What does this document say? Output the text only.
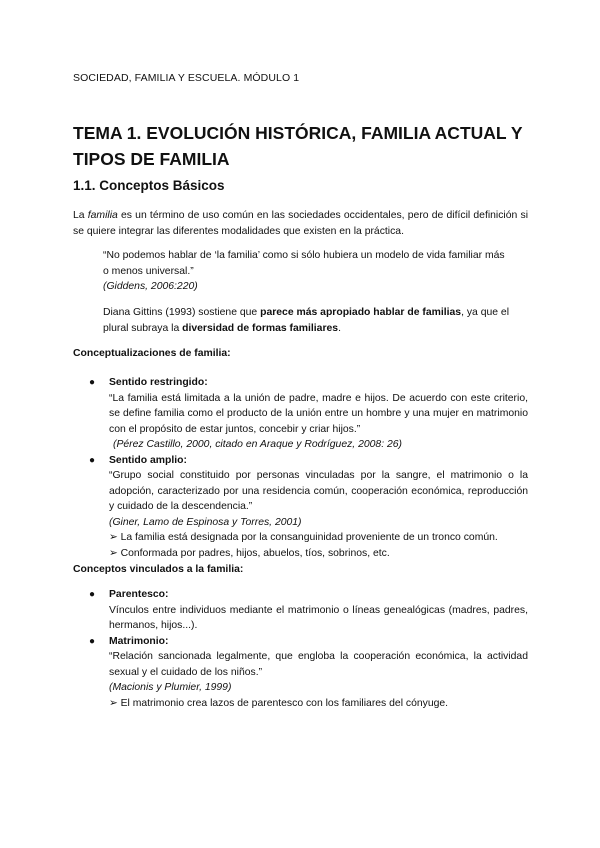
SOCIEDAD, FAMILIA Y ESCUELA. MÓDULO 1
TEMA 1. EVOLUCIÓN HISTÓRICA, FAMILIA ACTUAL Y TIPOS DE FAMILIA
1.1. Conceptos Básicos
La familia es un término de uso común en las sociedades occidentales, pero de difícil definición si se quiere integrar las diferentes modalidades que existen en la práctica.
“No podemos hablar de ‘la familia’ como si sólo hubiera un modelo de vida familiar más o menos universal.”
(Giddens, 2006:220)
Diana Gittins (1993) sostiene que parece más apropiado hablar de familias, ya que el plural subraya la diversidad de formas familiares.
Conceptualizaciones de familia:
● Sentido restringido:
“La familia está limitada a la unión de padre, madre e hijos. De acuerdo con este criterio, se define familia como el producto de la unión entre un hombre y una mujer en matrimonio con el propósito de estar juntos, concebir y criar hijos.”
(Pérez Castillo, 2000, citado en Araque y Rodríguez, 2008: 26)
● Sentido amplio:
“Grupo social constituido por personas vinculadas por la sangre, el matrimonio o la adopción, caracterizado por una residencia común, cooperación económica, reproducción y cuidado de la descendencia.”
(Giner, Lamo de Espinosa y Torres, 2001)
➢ La familia está designada por la consanguinidad proveniente de un tronco común.
➢ Conformada por padres, hijos, abuelos, tíos, sobrinos, etc.
Conceptos vinculados a la familia:
● Parentesco:
Vínculos entre individuos mediante el matrimonio o líneas genealógicas (madres, padres, hermanos, hijos...).
● Matrimonio:
“Relación sancionada legalmente, que engloba la cooperación económica, la actividad sexual y el cuidado de los niños.”
(Macionis y Plumier, 1999)
➢ El matrimonio crea lazos de parentesco con los familiares del cónyuge.
